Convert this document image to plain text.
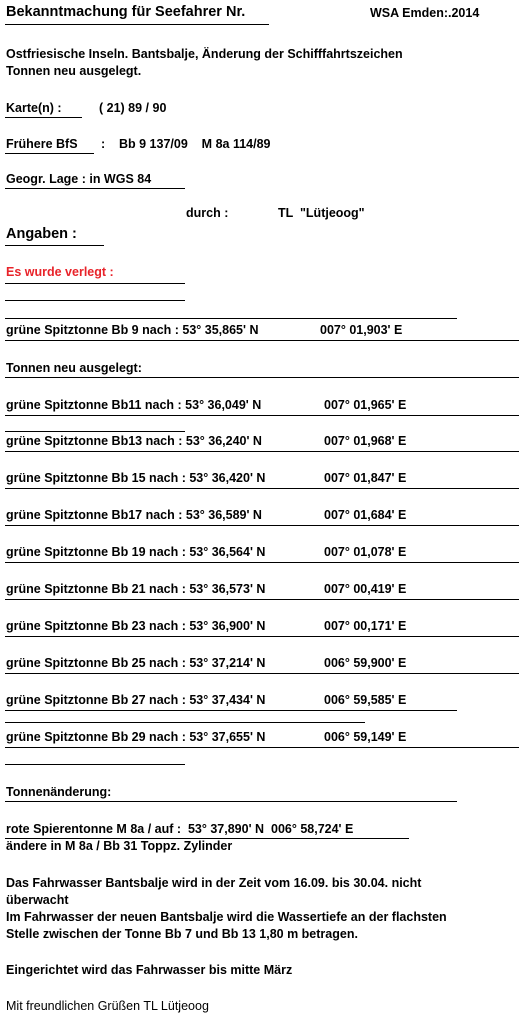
Bekanntmachung für Seefahrer Nr.	WSA Emden:.2014
Ostfriesische Inseln. Bantsbalje, Änderung der Schifffahrtszeichen
Tonnen neu ausgelegt.
Karte(n) :	( 21) 89 / 90
Frühere BfS : Bb 9 137/09    M 8a 114/89
Geogr. Lage : in WGS 84
durch :	TL  "Lütjeoog"
Angaben :
Es wurde verlegt :
grüne Spitztonne Bb 9 nach : 53° 35,865' N	007° 01,903' E
Tonnen neu ausgelegt:
grüne Spitztonne Bb11 nach : 53° 36,049' N	007° 01,965' E
grüne Spitztonne Bb13 nach : 53° 36,240' N	007° 01,968' E
grüne Spitztonne Bb 15 nach : 53° 36,420' N	007° 01,847' E
grüne Spitztonne Bb17 nach : 53° 36,589' N	007° 01,684' E
grüne Spitztonne Bb 19 nach : 53° 36,564' N	007° 01,078' E
grüne Spitztonne Bb 21 nach : 53° 36,573' N	007° 00,419' E
grüne Spitztonne Bb 23 nach : 53° 36,900' N	007° 00,171' E
grüne Spitztonne Bb 25 nach : 53° 37,214' N	006° 59,900' E
grüne Spitztonne Bb 27 nach : 53° 37,434' N	006° 59,585' E
grüne Spitztonne Bb 29 nach : 53° 37,655' N	006° 59,149' E
Tonnenänderung:
rote Spierentonne M 8a / auf :  53° 37,890' N  006° 58,724' E
ändere in M 8a / Bb 31 Toppz. Zylinder
Das Fahrwasser Bantsbalje wird in der Zeit vom 16.09. bis 30.04. nicht
überwacht
Im Fahrwasser der neuen Bantsbalje wird die Wassertiefe an der flachsten
Stelle zwischen der Tonne Bb 7 und Bb 13 1,80 m betragen.
Eingerichtet wird das Fahrwasser bis mitte März
Mit freundlichen Grüßen TL Lütjeoog
